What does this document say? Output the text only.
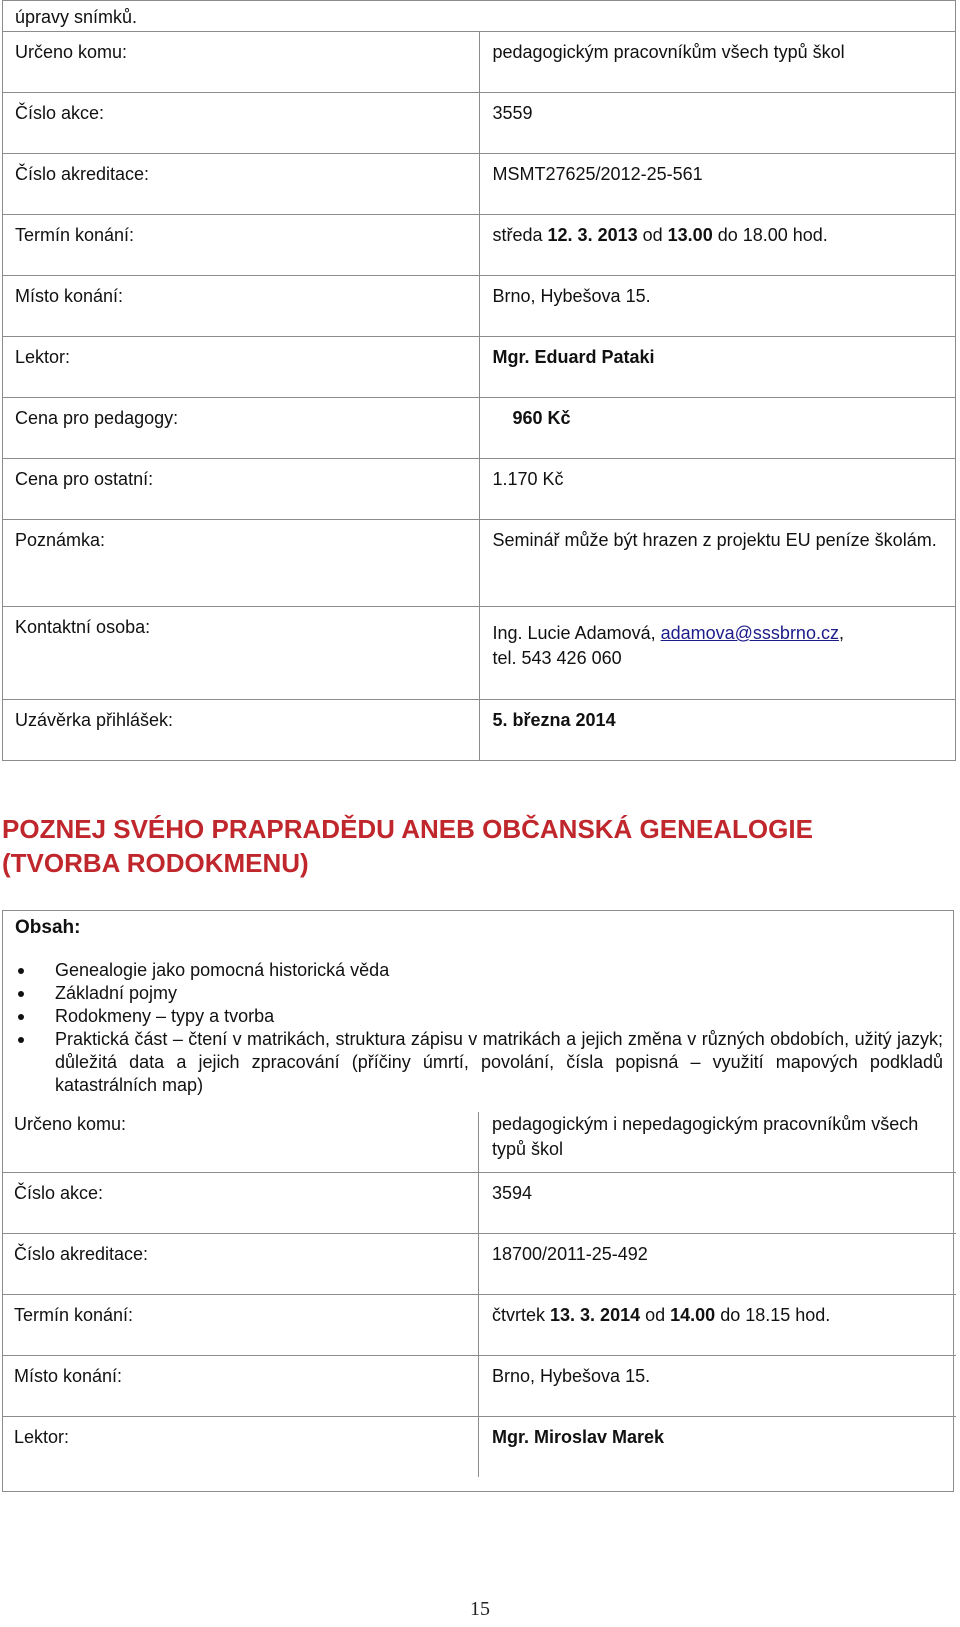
úpravy snímků.	
Určeno komu:	pedagogickým pracovníkům všech typů škol
Číslo akce:	3559
Číslo akreditace:	MSMT27625/2012-25-561
Termín konání:	středa 12. 3. 2013 od 13.00 do 18.00 hod.
Místo konání:	Brno, Hybešova 15.
Lektor:	Mgr. Eduard Pataki
Cena pro pedagogy:	960 Kč
Cena pro ostatní:	1.170 Kč
Poznámka:	Seminář může být hrazen z projektu EU peníze školám.
Kontaktní osoba:	Ing. Lucie Adamová, adamova@sssbrno.cz,
tel. 543 426 060
Uzávěrka přihlášek:	5. března 2014
POZNEJ SVÉHO PRAPRADĚDU ANEB OBČANSKÁ GENEALOGIE (TVORBA RODOKMENU)
Obsah:
Genealogie jako pomocná historická věda
Základní pojmy
Rodokmeny – typy a tvorba
Praktická část – čtení v matrikách, struktura zápisu v matrikách a jejich změna v různých obdobích, užitý jazyk; důležitá data a jejich zpracování (příčiny úmrtí, povolání, čísla popisná – využití mapových podkladů katastrálních map)
Určeno komu:	pedagogickým i nepedagogickým pracovníkům všech typů škol
Číslo akce:	3594
Číslo akreditace:	18700/2011-25-492
Termín konání:	čtvrtek 13. 3. 2014 od 14.00 do 18.15 hod.
Místo konání:	Brno, Hybešova 15.
Lektor:	Mgr. Miroslav Marek
15
